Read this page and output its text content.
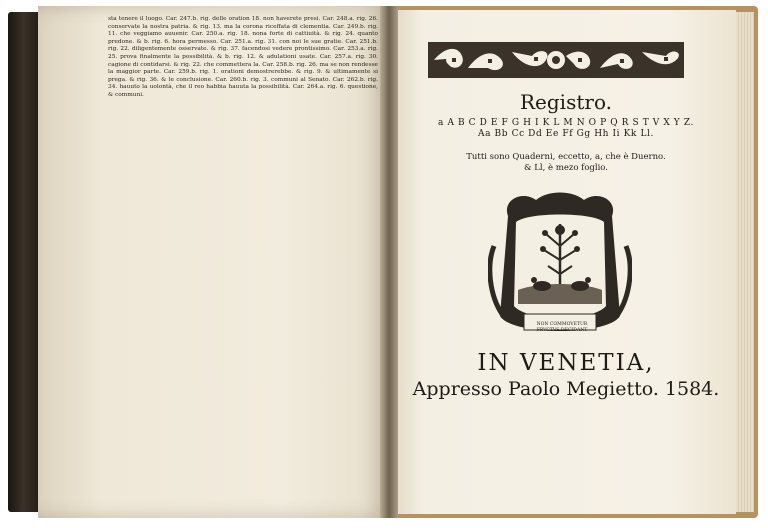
sta tenere il luogo. Car. 247.b. rig. delle oration 18. non haverete presi. Car. 248.a. rig. 26. conservate la nostra patria. & rig. 13. ma la corona riceffata di clementia. Car. 249.b. rig. 11. che veggiamo auuenir. Car. 250.a. rig. 18. nona forte di cattiuità. & rig. 24. quanto predone. & b. rig. 6. hora permesso. Car. 251.a. rig. 31. con noi le sue gratie. Car. 251.b. rig. 22. diligentemente osservate. & rig. 37. facendosi vedere prontissimo. Car. 253.a. rig. 25. prova finalmente la possibilità. & b. rig. 12. & adulationi usate. Car. 257.a. rig. 30. cagione di contidarsi. & rig. 22. che commettera la. Car. 258.b. rig. 26. ma se non rendesse la maggior parte. Car. 259.b. rig. 1. orationi demostrerebbe. & rig. 9. & ultimamente si prega. & rig. 36. & le conclusione. Car. 260.b. rig. 3. communi al Senato. Car. 262.b. rig. 34. hauuto la uolontà, che il reo habbia hauuta la possibilità. Car. 264.a. rig. 6. questione, & communi.	Registro.
a A B C D E F G H I K L M N O P Q R S T V X Y Z.
Aa Bb Cc Dd Ee Ff Gg Hh Ii Kk Ll.
Tutti sono Quaderni, eccetto, a, che è Duerno.
& Ll, è mezo foglio.
NON COMMOVETUR
FRVCTVS DECIDANT
IN VENETIA,
Appresso Paolo Megietto. 1584.
